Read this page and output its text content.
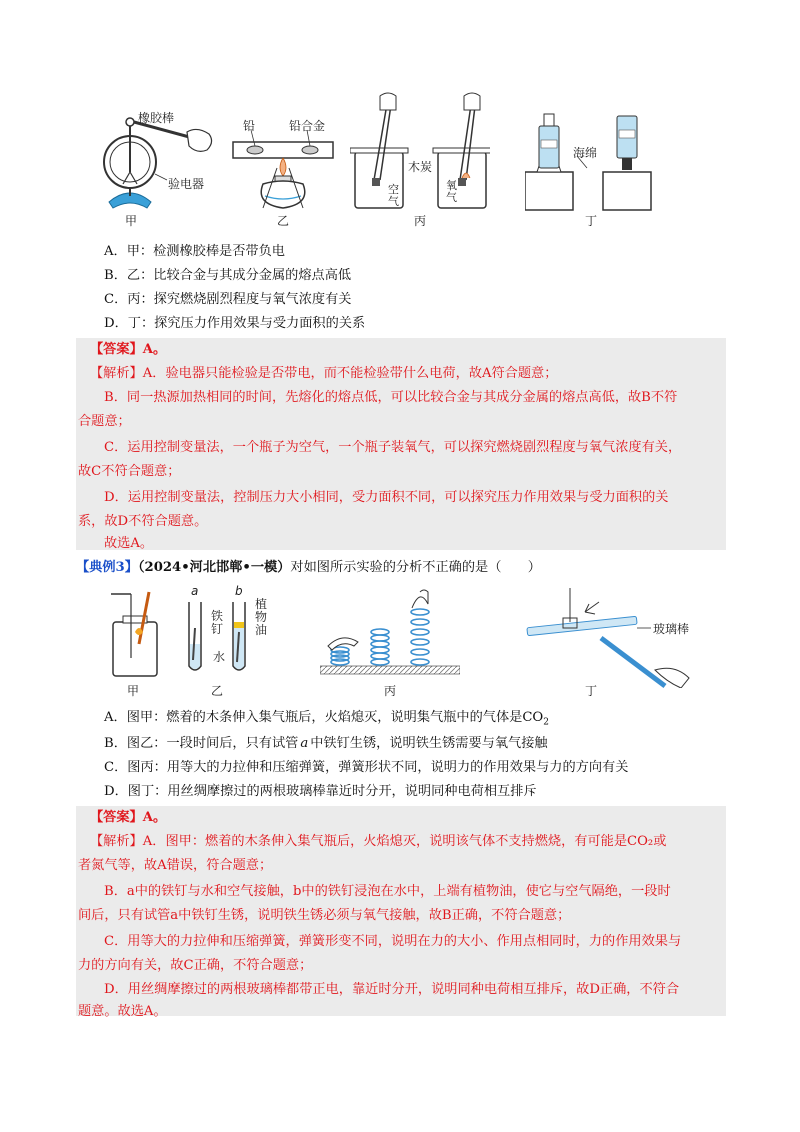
橡胶棒
验电器
甲
铅	铅合金
乙
木炭
空 气
氧 气
丙
海绵
丁
A．甲：检测橡胶棒是否带负电
B．乙：比较合金与其成分金属的熔点高低
C．丙：探究燃烧剧烈程度与氧气浓度有关
D．丁：探究压力作用效果与受力面积的关系
【答案】A。
【解析】A．验电器只能检验是否带电，而不能检验带什么电荷，故A符合题意；
B．同一热源加热相同的时间，先熔化的熔点低，可以比较合金与其成分金属的熔点高低，故B不符
合题意；
C．运用控制变量法，一个瓶子为空气，一个瓶子装氧气，可以探究燃烧剧烈程度与氧气浓度有关，
故C不符合题意；
D．运用控制变量法，控制压力大小相同，受力面积不同，可以探究压力作用效果与受力面积的关
系，故D不符合题意。
故选A。
【典例3】（2024•河北邯郸•一模）对如图所示实验的分析不正确的是（　　）
甲
a	b
铁 钉
植 物 油
水
乙	丙
玻璃棒
丁
A．图甲：燃着的木条伸入集气瓶后，火焰熄灭，说明集气瓶中的气体是$CO_2$
B．图乙：一段时间后，只有试管 a 中铁钉生锈，说明铁生锈需要与氧气接触
C．图丙：用等大的力拉伸和压缩弹簧，弹簧形状不同，说明力的作用效果与力的方向有关
D．图丁：用丝绸摩擦过的两根玻璃棒靠近时分开，说明同种电荷相互排斥
【答案】A。
【解析】A．图甲：燃着的木条伸入集气瓶后，火焰熄灭，说明该气体不支持燃烧，有可能是CO₂或
者氮气等，故A错误，符合题意；
B．a中的铁钉与水和空气接触，b中的铁钉浸泡在水中，上端有植物油，使它与空气隔绝，一段时
间后，只有试管a中铁钉生锈，说明铁生锈必须与氧气接触，故B正确，不符合题意；
C．用等大的力拉伸和压缩弹簧，弹簧形变不同，说明在力的大小、作用点相同时，力的作用效果与
力的方向有关，故C正确，不符合题意；
D．用丝绸摩擦过的两根玻璃棒都带正电，靠近时分开，说明同种电荷相互排斥，故D正确，不符合
题意。故选A。
